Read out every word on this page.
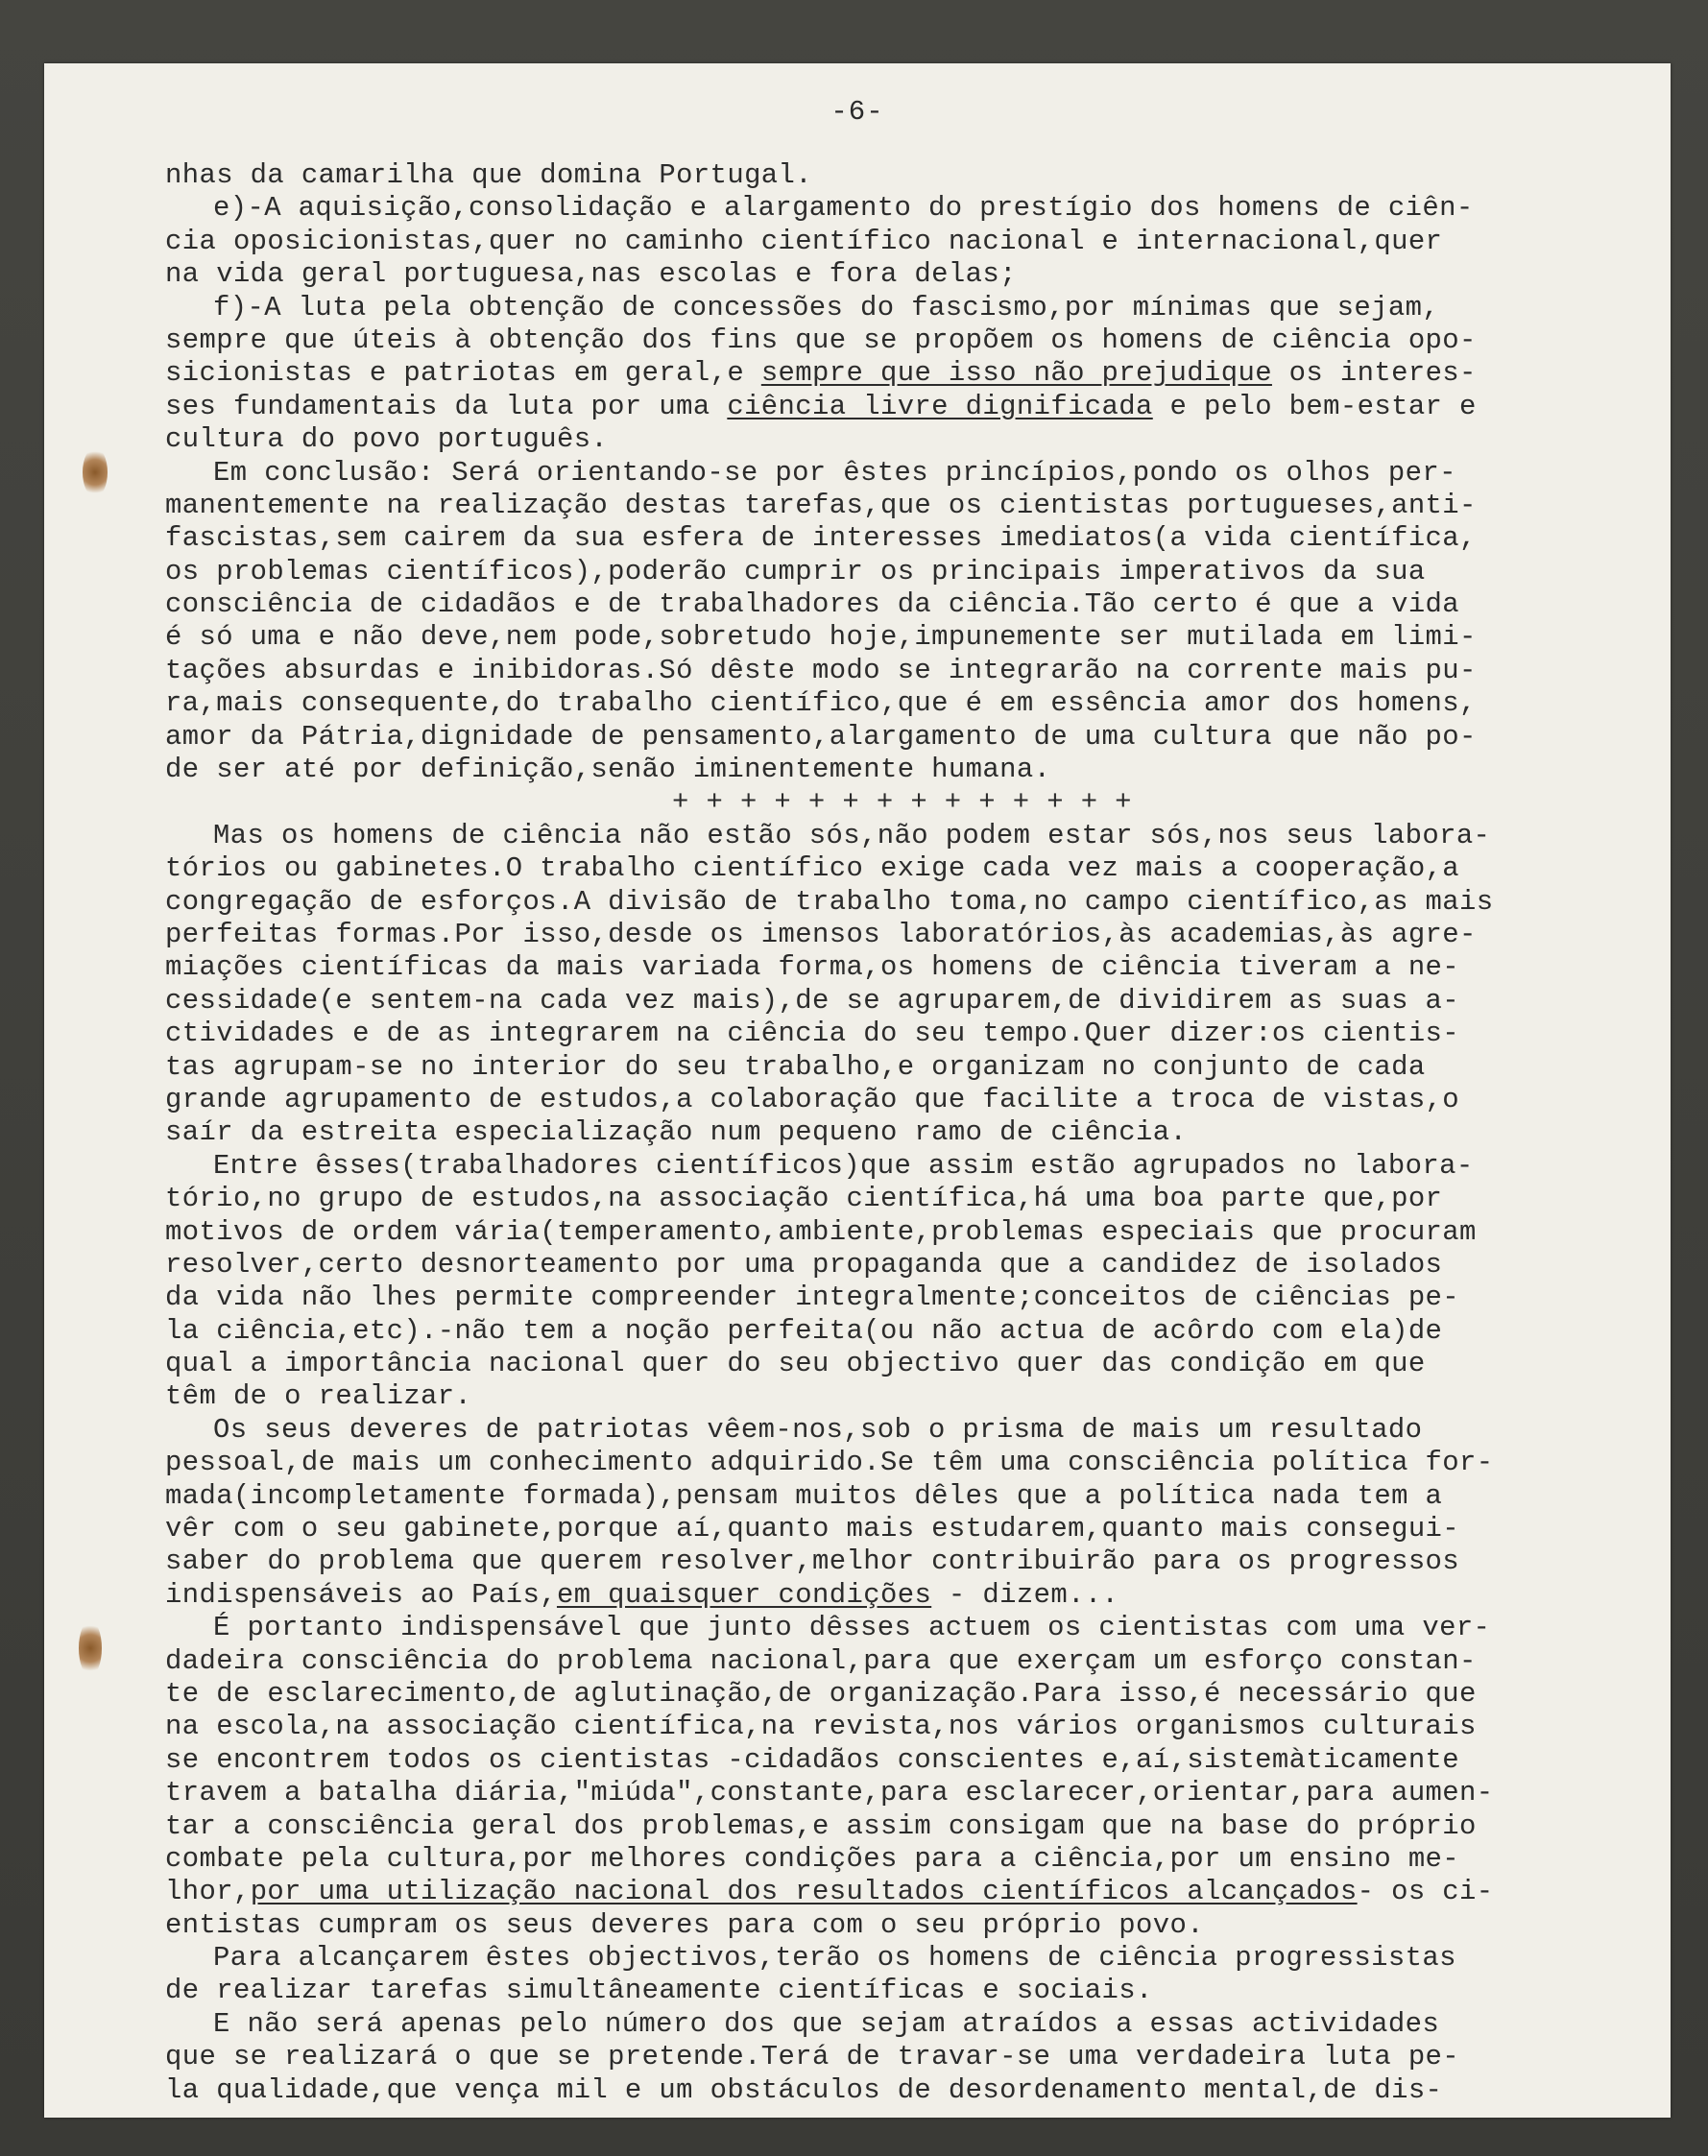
-6-
nhas da camarilha que domina Portugal.
e)-A aquisição,consolidação e alargamento do prestígio dos homens de ciên-
cia oposicionistas,quer no caminho científico nacional e internacional,quer
na vida geral portuguesa,nas escolas e fora delas;
f)-A luta pela obtenção de concessões do fascismo,por mínimas que sejam,
sempre que úteis à obtenção dos fins que se propõem os homens de ciência opo-
sicionistas e patriotas em geral,e sempre que isso não prejudique os interes-
ses fundamentais da luta por uma ciência livre dignificada e pelo bem-estar e
cultura do povo português.
Em conclusão: Será orientando-se por êstes princípios,pondo os olhos per-
manentemente na realização destas tarefas,que os cientistas portugueses,anti-
fascistas,sem cairem da sua esfera de interesses imediatos(a vida científica,
os problemas científicos),poderão cumprir os principais imperativos da sua
consciência de cidadãos e de trabalhadores da ciência.Tão certo é que a vida
é só uma e não deve,nem pode,sobretudo hoje,impunemente ser mutilada em limi-
tações absurdas e inibidoras.Só dêste modo se integrarão na corrente mais pu-
ra,mais consequente,do trabalho científico,que é em essência amor dos homens,
amor da Pátria,dignidade de pensamento,alargamento de uma cultura que não po-
de ser até por definição,senão iminentemente humana.
+ + + + + + + + + + + + + +
Mas os homens de ciência não estão sós,não podem estar sós,nos seus labora-
tórios ou gabinetes.O trabalho científico exige cada vez mais a cooperação,a
congregação de esforços.A divisão de trabalho toma,no campo científico,as mais
perfeitas formas.Por isso,desde os imensos laboratórios,às academias,às agre-
miações científicas da mais variada forma,os homens de ciência tiveram a ne-
cessidade(e sentem-na cada vez mais),de se agruparem,de dividirem as suas a-
ctividades e de as integrarem na ciência do seu tempo.Quer dizer:os cientis-
tas agrupam-se no interior do seu trabalho,e organizam no conjunto de cada
grande agrupamento de estudos,a colaboração que facilite a troca de vistas,o
saír da estreita especialização num pequeno ramo de ciência.
Entre êsses(trabalhadores científicos)que assim estão agrupados no labora-
tório,no grupo de estudos,na associação científica,há uma boa parte que,por
motivos de ordem vária(temperamento,ambiente,problemas especiais que procuram
resolver,certo desnorteamento por uma propaganda que a candidez de isolados
da vida não lhes permite compreender integralmente;conceitos de ciências pe-
la ciência,etc).-não tem a noção perfeita(ou não actua de acôrdo com ela)de
qual a importância nacional quer do seu objectivo quer das condição em que
têm de o realizar.
Os seus deveres de patriotas vêem-nos,sob o prisma de mais um resultado
pessoal,de mais um conhecimento adquirido.Se têm uma consciência política for-
mada(incompletamente formada),pensam muitos dêles que a política nada tem a
vêr com o seu gabinete,porque aí,quanto mais estudarem,quanto mais consegui-
saber do problema que querem resolver,melhor contribuirão para os progressos
indispensáveis ao País,em quaisquer condições - dizem...
É portanto indispensável que junto dêsses actuem os cientistas com uma ver-
dadeira consciência do problema nacional,para que exerçam um esforço constan-
te de esclarecimento,de aglutinação,de organização.Para isso,é necessário que
na escola,na associação científica,na revista,nos vários organismos culturais
se encontrem todos os cientistas -cidadãos conscientes e,aí,sistemàticamente
travem a batalha diária,"miúda",constante,para esclarecer,orientar,para aumen-
tar a consciência geral dos problemas,e assim consigam que na base do próprio
combate pela cultura,por melhores condições para a ciência,por um ensino me-
lhor,por uma utilização nacional dos resultados científicos alcançados- os ci-
entistas cumpram os seus deveres para com o seu próprio povo.
Para alcançarem êstes objectivos,terão os homens de ciência progressistas
de realizar tarefas simultâneamente científicas e sociais.
E não será apenas pelo número dos que sejam atraídos a essas actividades
que se realizará o que se pretende.Terá de travar-se uma verdadeira luta pe-
la qualidade,que vença mil e um obstáculos de desordenamento mental,de dis-
